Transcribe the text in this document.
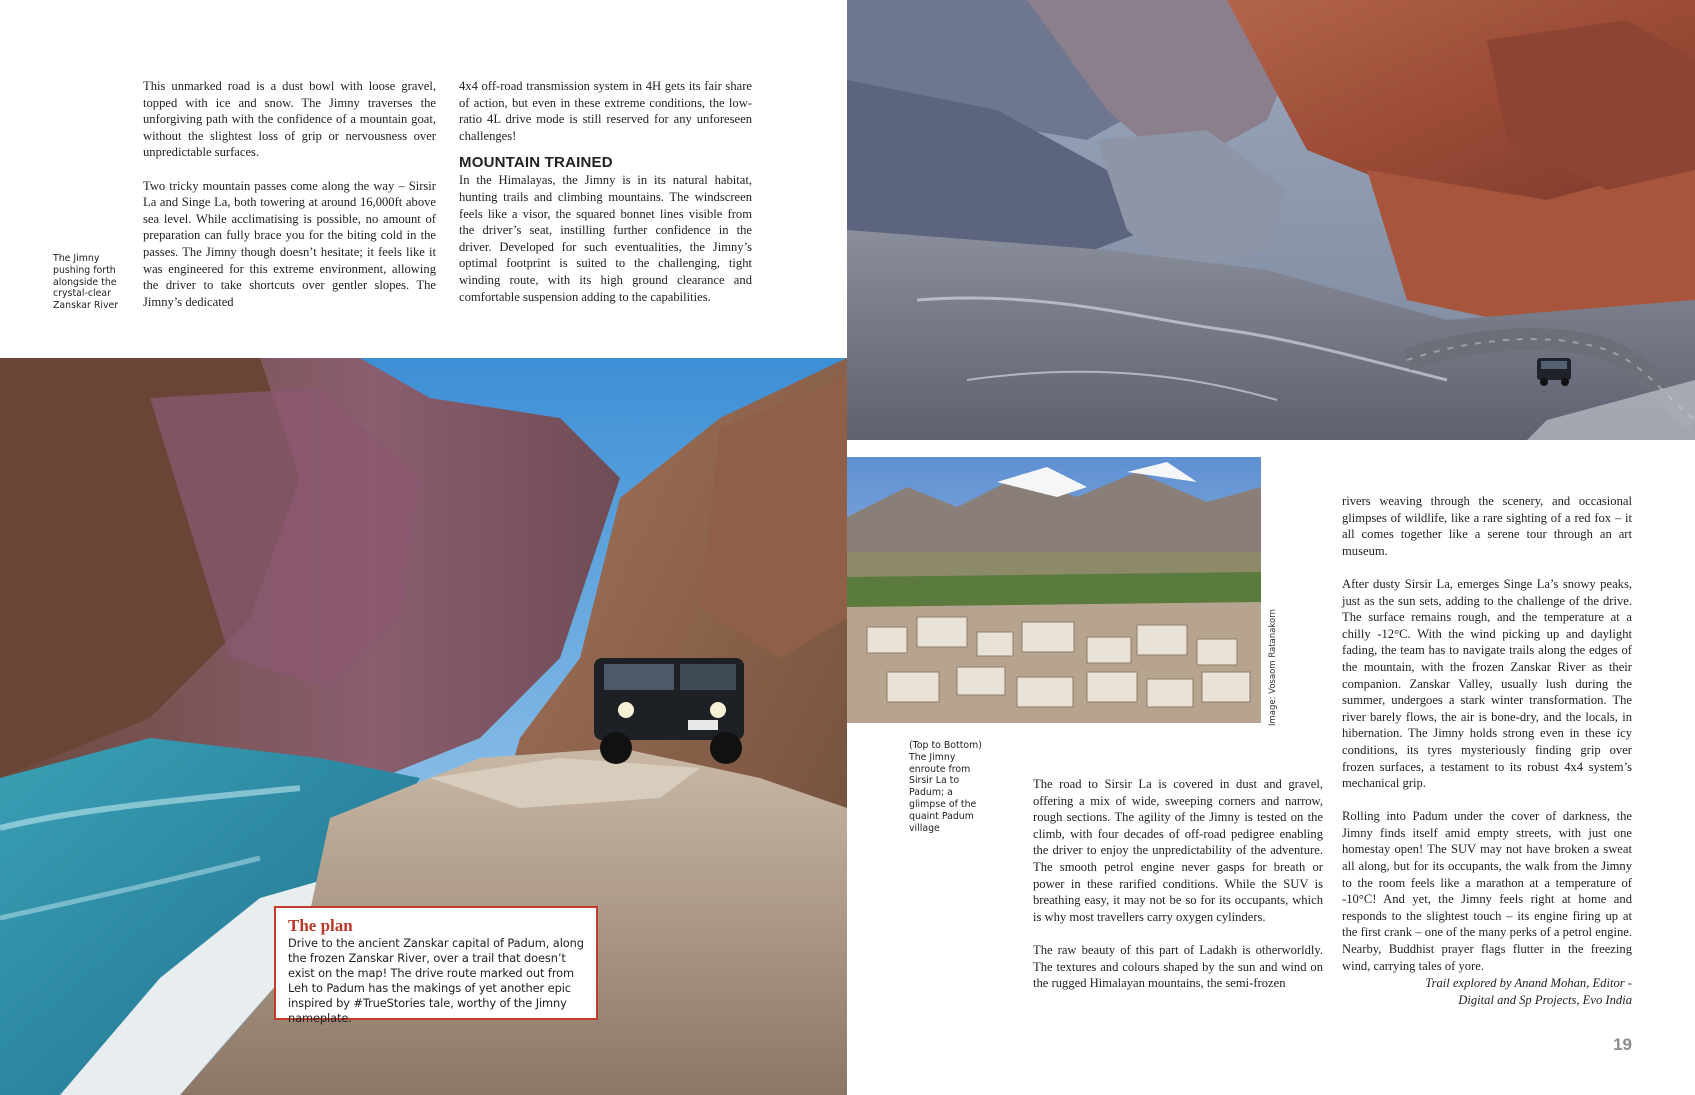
The Jimny pushing forth alongside the crystal-clear Zanskar River

This unmarked road is a dust bowl with loose gravel, topped with ice and snow. The Jimny traverses the unforgiving path with the confidence of a mountain goat, without the slightest loss of grip or nervousness over unpredictable surfaces.

Two tricky mountain passes come along the way – Sirsir La and Singe La, both towering at around 16,000ft above sea level. While acclimatising is possible, no amount of preparation can fully brace you for the biting cold in the passes. The Jimny though doesn’t hesitate; it feels like it was engineered for this extreme environment, allowing the driver to take shortcuts over gentler slopes. The Jimny’s dedicated

4x4 off-road transmission system in 4H gets its fair share of action, but even in these extreme conditions, the low-ratio 4L drive mode is still reserved for any unforeseen challenges!

MOUNTAIN TRAINED

In the Himalayas, the Jimny is in its natural habitat, hunting trails and climbing mountains. The windscreen feels like a visor, the squared bonnet lines visible from the driver’s seat, instilling further confidence in the driver. Developed for such eventualities, the Jimny’s optimal footprint is suited to the challenging, tight winding route, with its high ground clearance and comfortable suspension adding to the capabilities.

The plan
Drive to the ancient Zanskar capital of Padum, along the frozen Zanskar River, over a trail that doesn’t exist on the map! The drive route marked out from Leh to Padum has the makings of yet another epic inspired by #TrueStories tale, worthy of the Jimny nameplate.
Image: Vosaom Ratanakorn
(Top to Bottom) The Jimny enroute from Sirsir La to Padum; a glimpse of the quaint Padum village

The road to Sirsir La is covered in dust and gravel, offering a mix of wide, sweeping corners and narrow, rough sections. The agility of the Jimny is tested on the climb, with four decades of off-road pedigree enabling the driver to enjoy the unpredictability of the adventure. The smooth petrol engine never gasps for breath or power in these rarified conditions. While the SUV is breathing easy, it may not be so for its occupants, which is why most travellers carry oxygen cylinders.

The raw beauty of this part of Ladakh is otherworldly. The textures and colours shaped by the sun and wind on the rugged Himalayan mountains, the semi-frozen

rivers weaving through the scenery, and occasional glimpses of wildlife, like a rare sighting of a red fox – it all comes together like a serene tour through an art museum.

After dusty Sirsir La, emerges Singe La’s snowy peaks, just as the sun sets, adding to the challenge of the drive. The surface remains rough, and the temperature at a chilly -12°C. With the wind picking up and daylight fading, the team has to navigate trails along the edges of the mountain, with the frozen Zanskar River as their companion. Zanskar Valley, usually lush during the summer, undergoes a stark winter transformation. The river barely flows, the air is bone-dry, and the locals, in hibernation. The Jimny holds strong even in these icy conditions, its tyres mysteriously finding grip over frozen surfaces, a testament to its robust 4x4 system’s mechanical grip.

Rolling into Padum under the cover of darkness, the Jimny finds itself amid empty streets, with just one homestay open! The SUV may not have broken a sweat all along, but for its occupants, the walk from the Jimny to the room feels like a marathon at a temperature of -10°C! And yet, the Jimny feels right at home and responds to the slightest touch – its engine firing up at the first crank – one of the many perks of a petrol engine. Nearby, Buddhist prayer flags flutter in the freezing wind, carrying tales of yore.

Trail explored by Anand Mohan, Editor -
Digital and Sp Projects, Evo India
19
